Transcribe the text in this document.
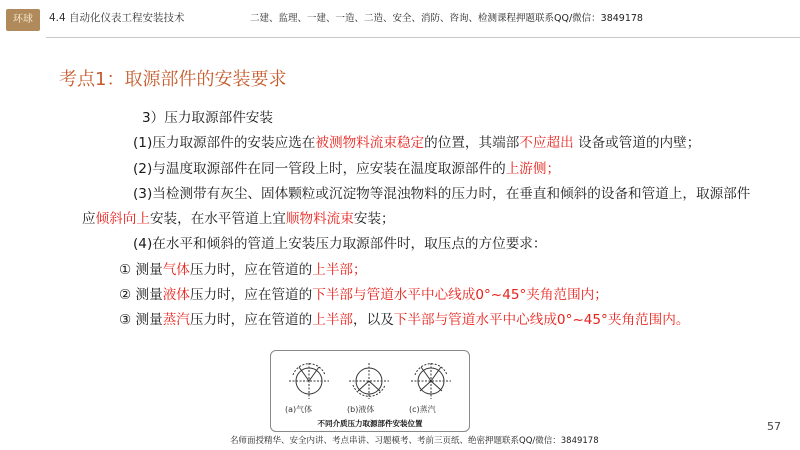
环球	4.4 自动化仪表工程安装技术	二建、监理、一建、一造、二造、安全、消防、咨询、检测课程押题联系QQ/微信：3849178
考点1：取源部件的安装要求

3）压力取源部件安装

(1)压力取源部件的安装应选在被测物料流束稳定的位置，其端部不应超出 设备或管道的内壁；

(2)与温度取源部件在同一管段上时，应安装在温度取源部件的上游侧；

(3)当检测带有灰尘、固体颗粒或沉淀物等混浊物料的压力时，在垂直和倾斜的设备和管道上，取源部件应倾斜向上安装，在水平管道上宜顺物料流束安装；

(4)在水平和倾斜的管道上安装压力取源部件时，取压点的方位要求：

① 测量气体压力时，应在管道的上半部；

② 测量液体压力时，应在管道的下半部与管道水平中心线成0°~45°夹角范围内；

③ 测量蒸汽压力时，应在管道的上半部，以及下半部与管道水平中心线成0°~45°夹角范围内。

(a)气体	(b)液体	(c)蒸汽
不同介质压力取源部件安装位置
名师面授精华、安全内讲、考点串讲、习题模考、考前三页纸、绝密押题联系QQ/微信：3849178
57
